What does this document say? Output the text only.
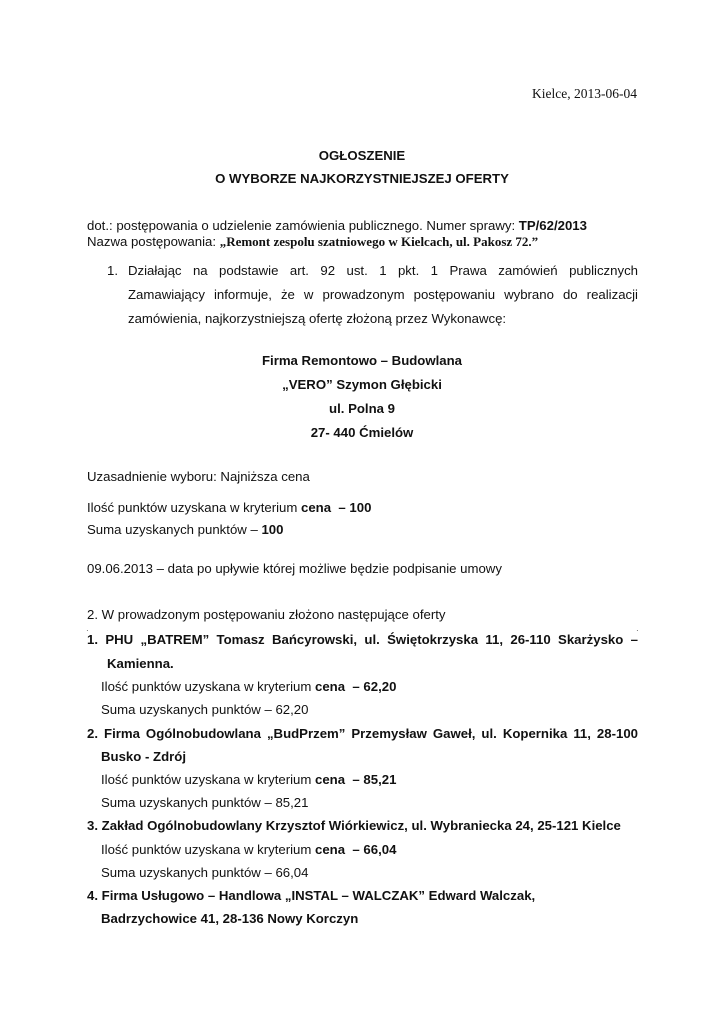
Kielce, 2013-06-04
OGŁOSZENIE
O WYBORZE NAJKORZYSTNIEJSZEJ OFERTY
dot.: postępowania o udzielenie zamówienia publicznego. Numer sprawy: TP/62/2013
Nazwa postępowania: „Remont zespolu szatniowego w Kielcach, ul. Pakosz 72.”
1. Działając na podstawie art. 92 ust. 1 pkt. 1 Prawa zamówień publicznych
Zamawiający informuje, że w prowadzonym postępowaniu wybrano do realizacji
zamówienia, najkorzystniejszą ofertę złożoną przez Wykonawcę:
Firma Remontowo – Budowlana
„VERO” Szymon Głębicki
ul. Polna 9
27- 440 Ćmielów
Uzasadnienie wyboru: Najniższa cena
Ilość punktów uzyskana w kryterium cena – 100
Suma uzyskanych punktów – 100
09.06.2013 – data po upływie której możliwe będzie podpisanie umowy
2. W prowadzonym postępowaniu złożono następujące oferty
·	·
1. PHU „BATREM” Tomasz Bańcyrowski, ul. Świętokrzyska 11, 26-110 Skarżysko –
Kamienna.
Ilość punktów uzyskana w kryterium cena – 62,20
Suma uzyskanych punktów – 62,20
2. Firma Ogólnobudowlana „BudPrzem” Przemysław Gaweł, ul. Kopernika 11, 28-100
Busko - Zdrój
Ilość punktów uzyskana w kryterium cena – 85,21
Suma uzyskanych punktów – 85,21
3. Zakład Ogólnobudowlany Krzysztof Wiórkiewicz, ul. Wybraniecka 24, 25-121 Kielce
Ilość punktów uzyskana w kryterium cena – 66,04
Suma uzyskanych punktów – 66,04
4. Firma Usługowo – Handlowa „INSTAL – WALCZAK” Edward Walczak,
Badrzychowice 41, 28-136 Nowy Korczyn
